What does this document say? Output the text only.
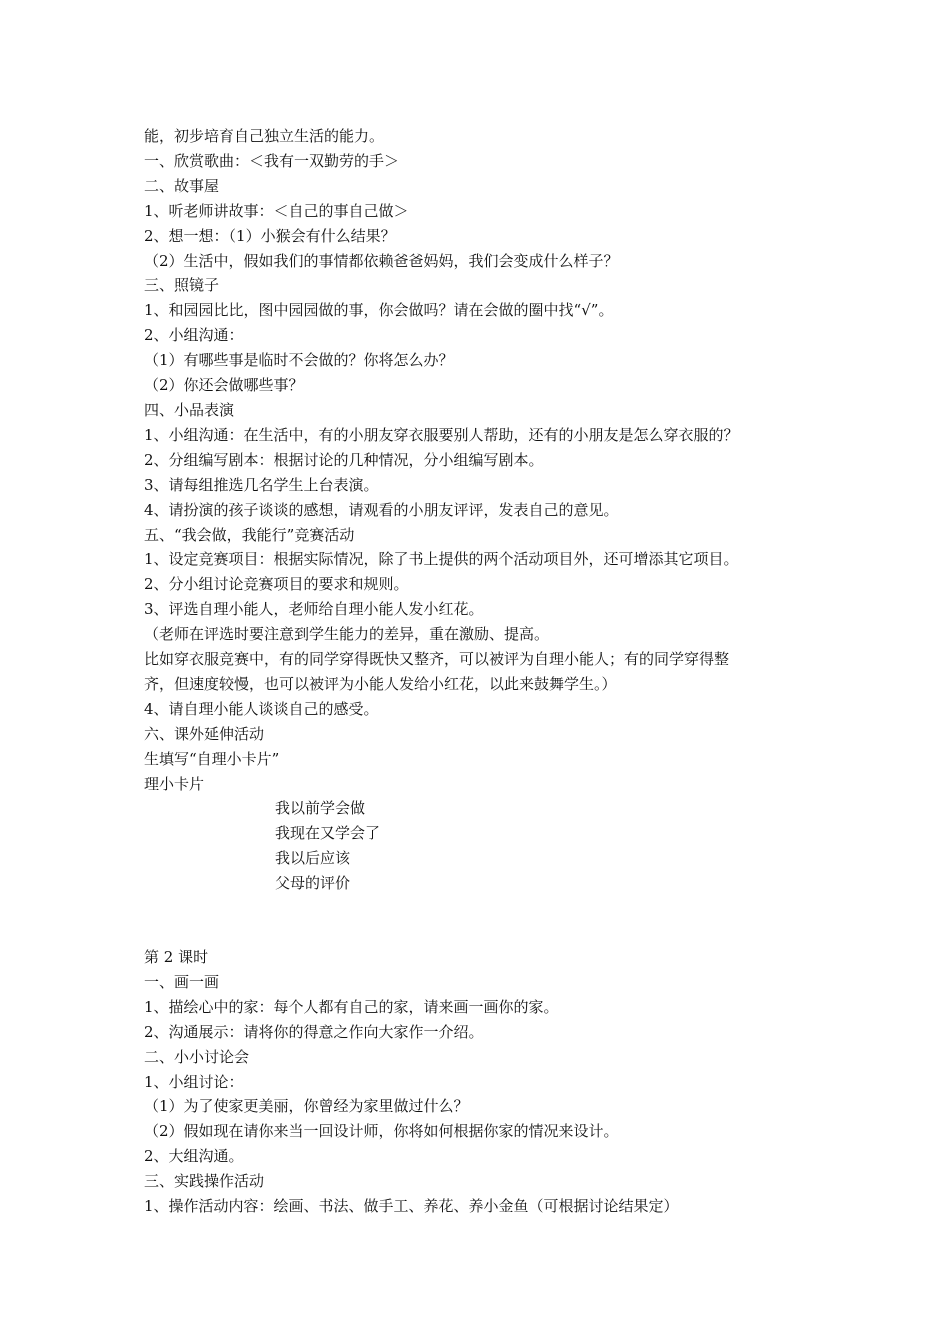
能，初步培育自己独立生活的能力。
一、欣赏歌曲：＜我有一双勤劳的手＞
二、故事屋
1、听老师讲故事：＜自己的事自己做＞
2、想一想：（1）小猴会有什么结果？
（2）生活中，假如我们的事情都依赖爸爸妈妈，我们会变成什么样子？
三、照镜子
1、和园园比比，图中园园做的事，你会做吗？请在会做的圈中找“√”。
2、小组沟通：
（1）有哪些事是临时不会做的？你将怎么办？
（2）你还会做哪些事？
四、小品表演
1、小组沟通：在生活中，有的小朋友穿衣服要别人帮助，还有的小朋友是怎么穿衣服的？
2、分组编写剧本：根据讨论的几种情况，分小组编写剧本。
3、请每组推选几名学生上台表演。
4、请扮演的孩子谈谈的感想，请观看的小朋友评评，发表自己的意见。
五、“我会做，我能行”竞赛活动
1、设定竞赛项目：根据实际情况，除了书上提供的两个活动项目外，还可增添其它项目。
2、分小组讨论竞赛项目的要求和规则。
3、评选自理小能人，老师给自理小能人发小红花。
（老师在评选时要注意到学生能力的差异，重在激励、提高。
比如穿衣服竞赛中，有的同学穿得既快又整齐，可以被评为自理小能人；有的同学穿得整
齐，但速度较慢，也可以被评为小能人发给小红花，以此来鼓舞学生。）
4、请自理小能人谈谈自己的感受。
六、课外延伸活动
生填写“自理小卡片”
理小卡片
我以前学会做
我现在又学会了
我以后应该
父母的评价
第 2 课时
一、画一画
1、描绘心中的家：每个人都有自己的家，请来画一画你的家。
2、沟通展示：请将你的得意之作向大家作一介绍。
二、小小讨论会
1、小组讨论：
（1）为了使家更美丽，你曾经为家里做过什么？
（2）假如现在请你来当一回设计师，你将如何根据你家的情况来设计。
2、大组沟通。
三、实践操作活动
1、操作活动内容：绘画、书法、做手工、养花、养小金鱼（可根据讨论结果定）
